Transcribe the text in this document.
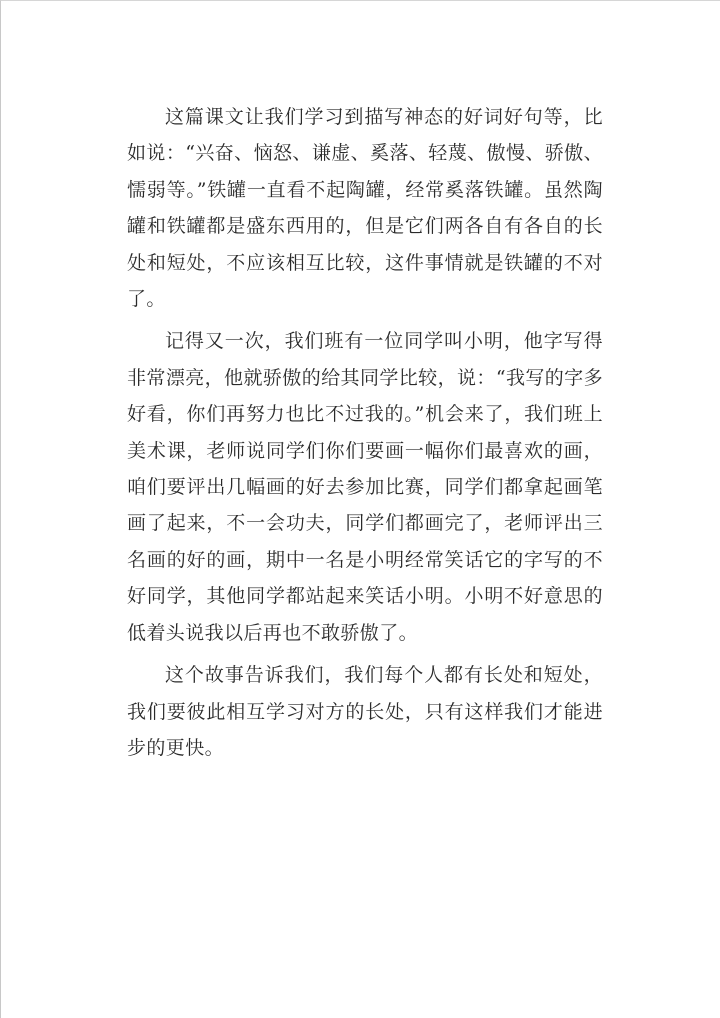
这篇课文让我们学习到描写神态的好词好句等，比如说：“兴奋、恼怒、谦虚、奚落、轻蔑、傲慢、骄傲、懦弱等。”铁罐一直看不起陶罐，经常奚落铁罐。虽然陶罐和铁罐都是盛东西用的，但是它们两各自有各自的长处和短处，不应该相互比较，这件事情就是铁罐的不对了。

记得又一次，我们班有一位同学叫小明，他字写得非常漂亮，他就骄傲的给其同学比较，说：“我写的字多好看，你们再努力也比不过我的。”机会来了，我们班上美术课，老师说同学们你们要画一幅你们最喜欢的画，咱们要评出几幅画的好去参加比赛，同学们都拿起画笔画了起来，不一会功夫，同学们都画完了，老师评出三名画的好的画，期中一名是小明经常笑话它的字写的不好同学，其他同学都站起来笑话小明。小明不好意思的低着头说我以后再也不敢骄傲了。

这个故事告诉我们，我们每个人都有长处和短处，我们要彼此相互学习对方的长处，只有这样我们才能进步的更快。
